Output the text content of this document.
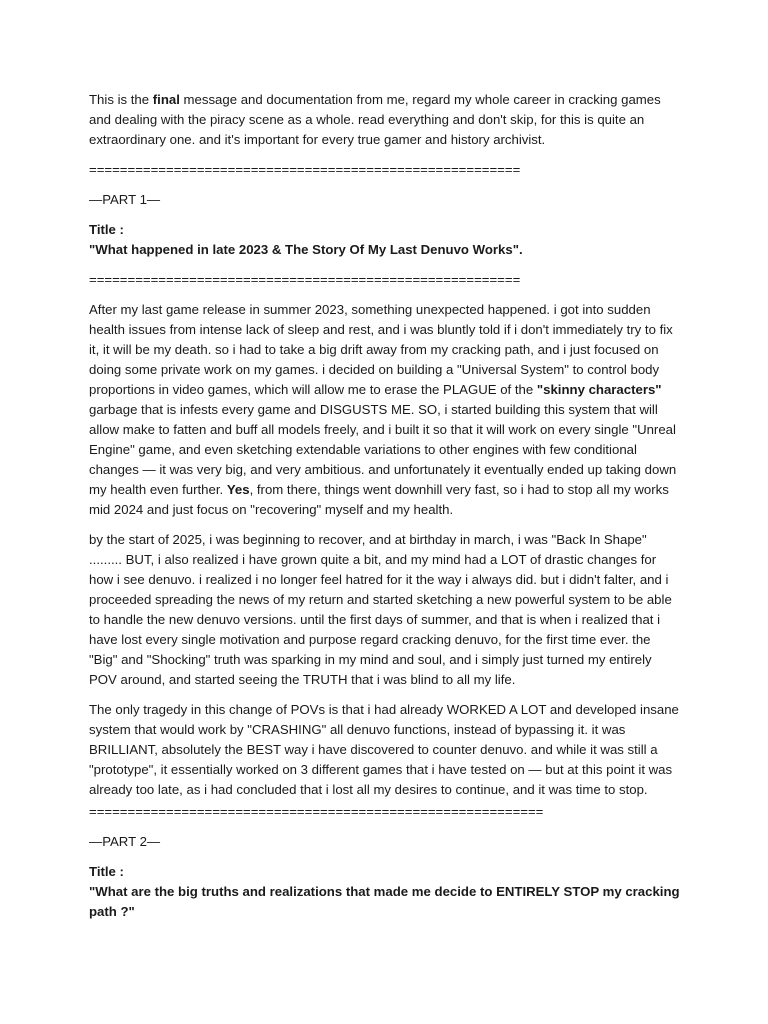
This is the final message and documentation from me, regard my whole career in cracking games and dealing with the piracy scene as a whole. read everything and don't skip, for this is quite an extraordinary one. and it's important for every true gamer and history archivist.

========================================================

—PART 1—

Title :
"What happened in late 2023 & The Story Of My Last Denuvo Works".
========================================================

After my last game release in summer 2023, something unexpected happened. i got into sudden health issues from intense lack of sleep and rest, and i was bluntly told if i don't immediately try to fix it, it will be my death. so i had to take a big drift away from my cracking path, and i just focused on doing some private work on my games. i decided on building a "Universal System" to control body proportions in video games, which will allow me to erase the PLAGUE of the "skinny characters" garbage that is infests every game and DISGUSTS ME. SO, i started building this system that will allow make to fatten and buff all models freely, and i built it so that it will work on every single "Unreal Engine" game, and even sketching extendable variations to other engines with few conditional changes — it was very big, and very ambitious. and unfortunately it eventually ended up taking down my health even further. Yes, from there, things went downhill very fast, so i had to stop all my works mid 2024 and just focus on "recovering" myself and my health.

by the start of 2025, i was beginning to recover, and at birthday in march, i was "Back In Shape" ......... BUT, i also realized i have grown quite a bit, and my mind had a LOT of drastic changes for how i see denuvo. i realized i no longer feel hatred for it the way i always did. but i didn't falter, and i proceeded spreading the news of my return and started sketching a new powerful system to be able to handle the new denuvo versions. until the first days of summer, and that is when i realized that i have lost every single motivation and purpose regard cracking denuvo, for the first time ever. the "Big" and "Shocking" truth was sparking in my mind and soul, and i simply just turned my entirely POV around, and started seeing the TRUTH that i was blind to all my life.

The only tragedy in this change of POVs is that i had already WORKED A LOT and developed insane system that would work by "CRASHING" all denuvo functions, instead of bypassing it. it was BRILLIANT, absolutely the BEST way i have discovered to counter denuvo. and while it was still a "prototype", it essentially worked on 3 different games that i have tested on — but at this point it was already too late, as i had concluded that i lost all my desires to continue, and it was time to stop.

===========================================================

—PART 2—

Title :
"What are the big truths and realizations that made me decide to ENTIRELY STOP my cracking path ?"
